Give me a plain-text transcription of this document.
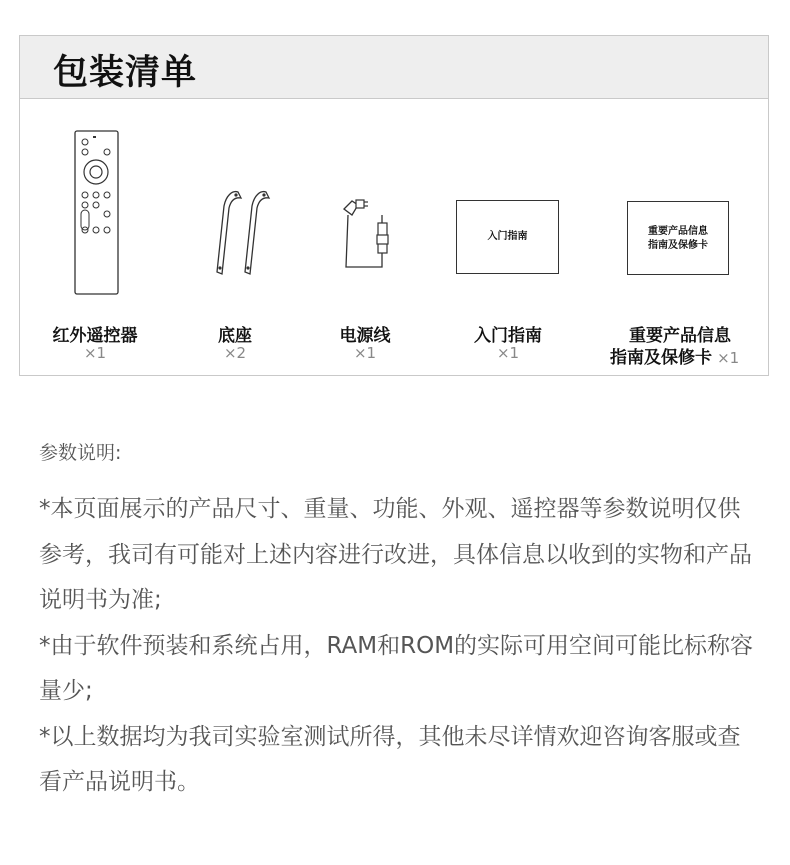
包装清单
红外遥控器
×1
底座
×2
电源线
×1
入门指南
入门指南
×1
重要产品信息
指南及保修卡
重要产品信息
指南及保修卡 ×1
参数说明:
*本页面展示的产品尺寸、重量、功能、外观、遥控器等参数说明仅供参考，我司有可能对上述内容进行改进，具体信息以收到的实物和产品说明书为准;
*由于软件预装和系统占用，RAM和ROM的实际可用空间可能比标称容量少;
*以上数据均为我司实验室测试所得，其他未尽详情欢迎咨询客服或查看产品说明书。
